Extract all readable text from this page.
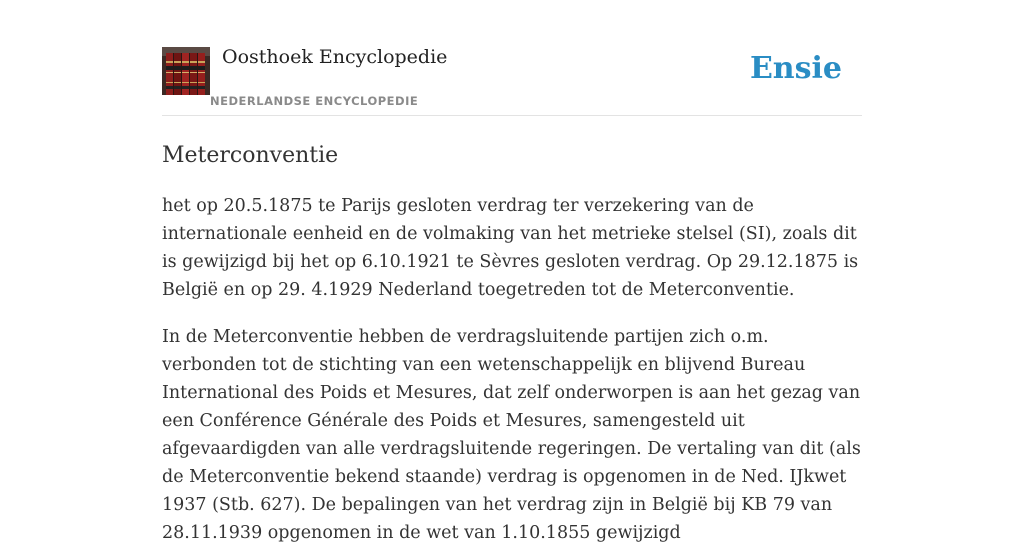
Oosthoek Encyclopedie
NEDERLANDSE ENCYCLOPEDIE
Ensie
Meterconventie

het op 20.5.1875 te Parijs gesloten verdrag ter verzekering van de internationale eenheid en de volmaking van het metrieke stelsel (SI), zoals dit is gewijzigd bij het op 6.10.1921 te Sèvres gesloten verdrag. Op 29.12.1875 is België en op 29. 4.1929 Nederland toegetreden tot de Meterconventie.

In de Meterconventie hebben de verdragsluitende partijen zich o.m. verbonden tot de stichting van een wetenschappelijk en blijvend Bureau International des Poids et Mesures, dat zelf onderworpen is aan het gezag van een Conférence Générale des Poids et Mesures, samengesteld uit afgevaardigden van alle verdragsluitende regeringen. De vertaling van dit (als de Meterconventie bekend staande) verdrag is opgenomen in de Ned. IJkwet 1937 (Stb. 627). De bepalingen van het verdrag zijn in België bij KB 79 van 28.11.1939 opgenomen in de wet van 1.10.1855 gewijzigd
